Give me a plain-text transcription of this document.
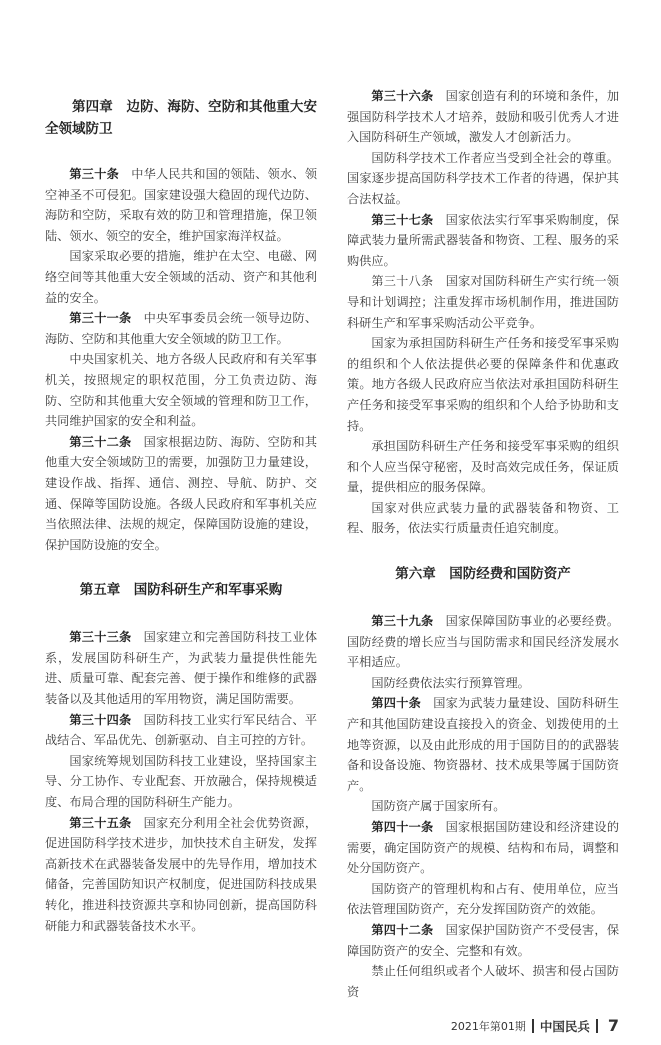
第四章　边防、海防、空防和其他重大安全领域防卫
第三十条 中华人民共和国的领陆、领水、领空神圣不可侵犯。国家建设强大稳固的现代边防、海防和空防，采取有效的防卫和管理措施，保卫领陆、领水、领空的安全，维护国家海洋权益。
国家采取必要的措施，维护在太空、电磁、网络空间等其他重大安全领域的活动、资产和其他利益的安全。
第三十一条 中央军事委员会统一领导边防、海防、空防和其他重大安全领域的防卫工作。
中央国家机关、地方各级人民政府和有关军事机关，按照规定的职权范围，分工负责边防、海防、空防和其他重大安全领域的管理和防卫工作，共同维护国家的安全和利益。
第三十二条 国家根据边防、海防、空防和其他重大安全领域防卫的需要，加强防卫力量建设，建设作战、指挥、通信、测控、导航、防护、交通、保障等国防设施。各级人民政府和军事机关应当依照法律、法规的规定，保障国防设施的建设，保护国防设施的安全。
第五章　国防科研生产和军事采购
第三十三条 国家建立和完善国防科技工业体系，发展国防科研生产，为武装力量提供性能先进、质量可靠、配套完善、便于操作和维修的武器装备以及其他适用的军用物资，满足国防需要。
第三十四条 国防科技工业实行军民结合、平战结合、军品优先、创新驱动、自主可控的方针。
国家统筹规划国防科技工业建设，坚持国家主导、分工协作、专业配套、开放融合，保持规模适度、布局合理的国防科研生产能力。
第三十五条 国家充分利用全社会优势资源，促进国防科学技术进步，加快技术自主研发，发挥高新技术在武器装备发展中的先导作用，增加技术储备，完善国防知识产权制度，促进国防科技成果转化，推进科技资源共享和协同创新，提高国防科研能力和武器装备技术水平。
第三十六条 国家创造有利的环境和条件，加强国防科学技术人才培养，鼓励和吸引优秀人才进入国防科研生产领域，激发人才创新活力。
国防科学技术工作者应当受到全社会的尊重。国家逐步提高国防科学技术工作者的待遇，保护其合法权益。
第三十七条 国家依法实行军事采购制度，保障武装力量所需武器装备和物资、工程、服务的采购供应。
第三十八条　国家对国防科研生产实行统一领导和计划调控；注重发挥市场机制作用，推进国防科研生产和军事采购活动公平竞争。
国家为承担国防科研生产任务和接受军事采购的组织和个人依法提供必要的保障条件和优惠政策。地方各级人民政府应当依法对承担国防科研生产任务和接受军事采购的组织和个人给予协助和支持。
承担国防科研生产任务和接受军事采购的组织和个人应当保守秘密，及时高效完成任务，保证质量，提供相应的服务保障。
国家对供应武装力量的武器装备和物资、工程、服务，依法实行质量责任追究制度。
第六章　国防经费和国防资产
第三十九条 国家保障国防事业的必要经费。国防经费的增长应当与国防需求和国民经济发展水平相适应。
国防经费依法实行预算管理。
第四十条 国家为武装力量建设、国防科研生产和其他国防建设直接投入的资金、划拨使用的土地等资源，以及由此形成的用于国防目的的武器装备和设备设施、物资器材、技术成果等属于国防资产。
国防资产属于国家所有。
第四十一条 国家根据国防建设和经济建设的需要，确定国防资产的规模、结构和布局，调整和处分国防资产。
国防资产的管理机构和占有、使用单位，应当依法管理国防资产，充分发挥国防资产的效能。
第四十二条 国家保护国防资产不受侵害，保障国防资产的安全、完整和有效。
禁止任何组织或者个人破坏、损害和侵占国防资
2021年第01期 中国民兵 7
